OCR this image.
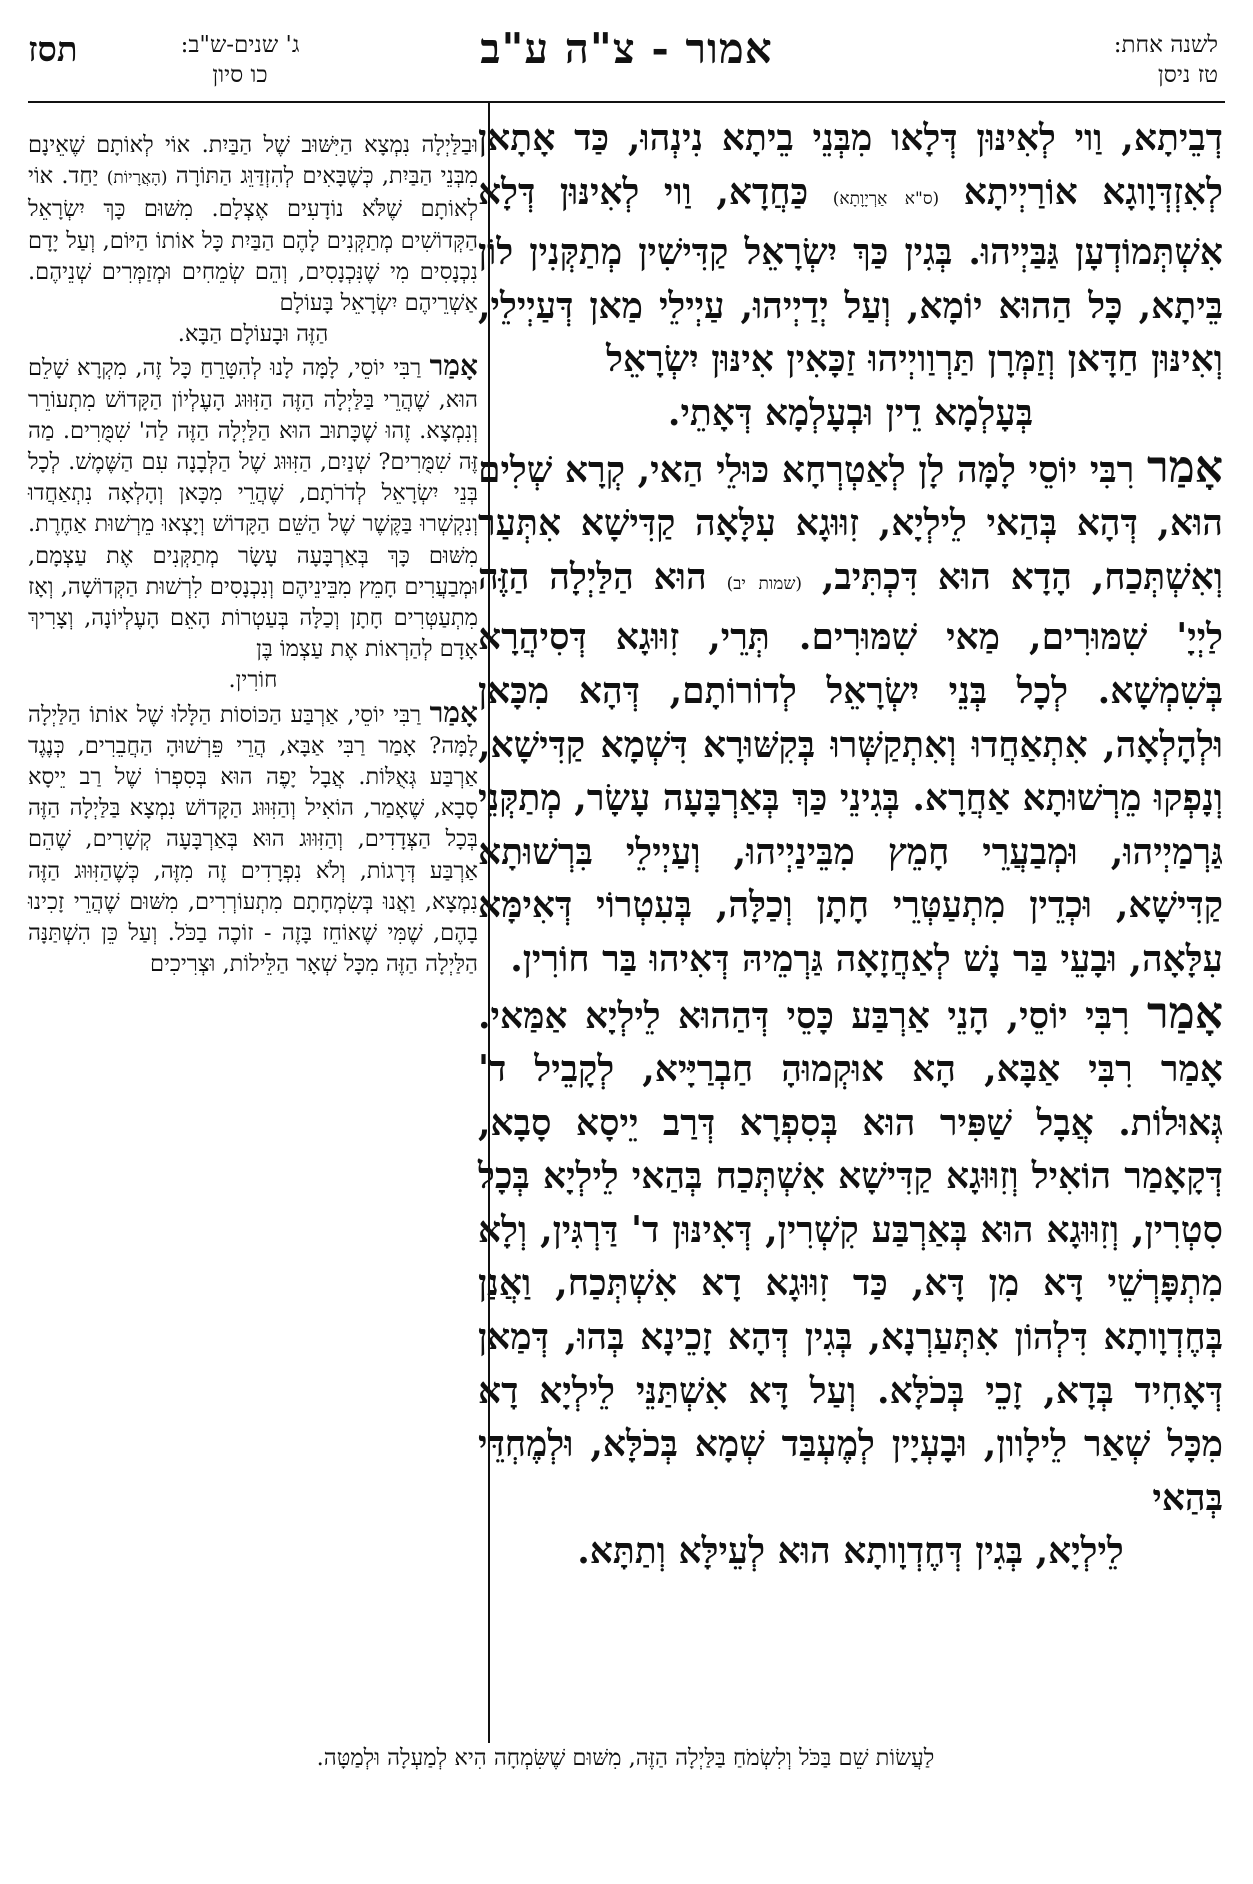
לשנה אחת:
טז ניסן
אמור - צ"ה ע"ב
ג' שנים-ש"ב:
כו סיון
תסז

דְבֵיתָא, וַוי לְאִינּוּן דְּלָאו מִבְּנֵי בֵיתָא נִינְהוּ, כַּד אָתָאן לְאִזְדְּוָוגָא אוֹרַיְיתָא (ס"א אַרְיָוָתָא) כַּחֲדָא, וַוי לְאִינּוּן דְּלָא אִשְׁתְּמוֹדְעָן גַּבַּיְיהוּ. בְּגִין כַּךְ יִשְׂרָאֵל קַדִּישִׁין מְתַקְּנִין לוֹן בֵּיתָא, כָּל הַהוּא יוֹמָא, וְעַל יְדַיְיהוּ, עַיְילֵי מַאן דְּעַיְילֵי, וְאִינּוּן חַדָּאן וְזַמְּרָן תַּרְוַויְיהוּ זַכָּאִין אִינּוּן יִשְׂרָאֵל

בְּעָלְמָא דֵין וּבְעָלְמָא דְּאָתֵי.

אָמַר רִבִּי יוֹסֵי לָמָּה לָן לְאַטְרְחָא כּוּלֵי הַאי, קְרָא שְׁלִים הוּא, דְּהָא בְּהַאי לֵילְיָא, זִוּוּגָא עִלָּאָה קַדִּישָׁא אִתְּעַר וְאִשְׁתְּכַח, הָדָא הוּא דִּכְתִּיב, (שמות יב) הוּא הַלַּיְלָה הַזֶּה לַיְיָ' שִׁמּוּרִים, מַאי שִׁמּוּרִים. תְּרֵי, זִוּוּגָא דְּסִיהֲרָא בְּשִׁמְשָׁא. לְכָל בְּנֵי יִשְׂרָאֵל לְדוֹרוֹתָם, דְּהָא מִכָּאן וּלְהָלְאָה, אִתְאַחֲדוּ וְאִתְקַשְּׁרוּ בְּקִשּׁוּרָא דִּשְׁמָא קַדִּישָׁא, וְנָפְקוּ מֵרְשׁוּתָא אַחֲרָא. בְּגִינֵי כַּךְ בְּאַרְבָּעָה עָשָׂר, מְתַקְּנֵי גַּרְמַיְיהוּ, וּמְבַעֲרֵי חָמֵץ מִבֵּינַיְיהוּ, וְעַיְילֵי בִּרְשׁוּתָא קַדִּישָׁא, וּכְדֵין מִתְעַטְּרֵי חָתָן וְכַלָּה, בְּעִטְרוֹי דְּאִימָּא עִלָּאָה, וּבָעֵי בַּר נָשׁ לְאַחֲזָאָה גַּרְמֵיהּ דְּאִיהוּ בַּר חוֹרִין.

אָמַר רִבִּי יוֹסֵי, הָנֵי אַרְבַּע כָּסֵי דְּהַהוּא לֵילְיָא אַמַּאי. אָמַר רִבִּי אַבָּא, הָא אוּקְמוּהָ חַבְרַיָּיא, לְקָבֵיל ד' גְּאוּלוֹת. אֲבָל שַׁפִּיר הוּא בְּסִפְרָא דְּרַב יֵיסָא סָבָא, דְּקָאָמַר הוֹאִיל וְזִוּוּגָא קַדִּישָׁא אִשְׁתְּכַח בְּהַאי לֵילְיָא בְּכָל סִטְרִין, וְזִוּוּגָא הוּא בְּאַרְבַּע קִשְׁרִין, דְּאִינּוּן ד' דַּרְגִּין, וְלָא מִתְפָּרְשֵׁי דָּא מִן דָּא, כַּד זִוּוּגָא דָא אִשְׁתְּכַח, וַאֲנַן בְּחֶדְוָותָא דִּלְהוֹן אִתְּעַרְנָא, בְּגִין דְּהָא זָכֵינָא בְּהוּ, דְּמַאן דְּאָחִיד בְּדָא, זָכֵי בְּכֹלָּא. וְעַל דָּא אִשְׁתַּנֵּי לֵילְיָא דָא מִכָּל שְׁאַר לֵילָוון, וּבָעְיָין לְמֶעְבַּד שְׁמָא בְּכֹלָּא, וּלְמֶחְדֵּי בְּהַאי

לֵילְיָא, בְּגִין דְּחֶדְוָותָא הוּא לְעֵילָּא וְתַתָּא.

וּבַלַּיְלָה נִמְצָא הַיִּשּׁוּב שֶׁל הַבַּיִת. אוֹי לְאוֹתָם שֶׁאֵינָם מִבְּנֵי הַבַּיִת, כְּשֶׁבָּאִים לְהִזְדַּוֵּג הַתּוֹרָה (הָאֲרָיוֹת) יַחַד. אוֹי לְאוֹתָם שֶׁלֹּא נוֹדָעִים אֶצְלָם. מִשּׁוּם כָּךְ יִשְׂרָאֵל הַקְּדוֹשִׁים מְתַקְּנִים לָהֶם הַבַּיִת כָּל אוֹתוֹ הַיּוֹם, וְעַל יָדָם נִכְנָסִים מִי שֶׁנִּכְנָסִים, וְהֵם שְׂמֵחִים וּמְזַמְּרִים שְׁנֵיהֶם. אַשְׁרֵיהֶם יִשְׂרָאֵל בָּעוֹלָם

הַזֶּה וּבָעוֹלָם הַבָּא.

אָמַר רַבִּי יוֹסֵי, לָמָּה לָנוּ לְהִטָּרֵחַ כָּל זֶה, מִקְרָא שָׁלֵם הוּא, שֶׁהֲרֵי בַּלַּיְלָה הַזֶּה הַזִּוּוּג הָעֶלְיוֹן הַקָּדוֹשׁ מִתְעוֹרֵר וְנִמְצָא. זֶהוּ שֶׁכָּתוּב הוּא הַלַּיְלָה הַזֶּה לַה' שִׁמֻּרִים. מַה זֶּה שִׁמֻּרִים? שְׁנַיִם, הַזִּוּוּג שֶׁל הַלְּבָנָה עִם הַשֶּׁמֶשׁ. לְכָל בְּנֵי יִשְׂרָאֵל לְדֹרֹתָם, שֶׁהֲרֵי מִכָּאן וְהָלְאָה נִתְאַחֲדוּ וְנִקְשְׁרוּ בַּקֶּשֶׁר שֶׁל הַשֵּׁם הַקָּדוֹשׁ וְיָצְאוּ מֵרְשׁוּת אַחֶרֶת. מִשּׁוּם כָּךְ בְּאַרְבָּעָה עָשָׂר מְתַקְּנִים אֶת עַצְמָם, וּמְבַעֲרִים חָמֵץ מִבֵּינֵיהֶם וְנִכְנָסִים לִרְשׁוּת הַקְּדוֹשָׁה, וְאָז מִתְעַטְּרִים חָתָן וְכַלָּה בְּעַטְרוֹת הָאֵם הָעֶלְיוֹנָה, וְצָרִיךְ אָדָם לְהַרְאוֹת אֶת עַצְמוֹ בֶּן

חוֹרִין.

אָמַר רַבִּי יוֹסֵי, אַרְבַּע הַכּוֹסוֹת הַלָּלוּ שֶׁל אוֹתוֹ הַלַּיְלָה לָמָּה? אָמַר רַבִּי אַבָּא, הֲרֵי פֵּרְשׁוּהָ הַחֲבֵרִים, כְּנֶגֶד אַרְבַּע גְּאֻלּוֹת. אֲבָל יָפֶה הוּא בְּסִפְרוֹ שֶׁל רַב יֵיסָא סָבָא, שֶׁאָמַר, הוֹאִיל וְהַזִּוּוּג הַקָּדוֹשׁ נִמְצָא בַּלַּיְלָה הַזֶּה בְּכָל הַצְּדָדִים, וְהַזִּוּוּג הוּא בְּאַרְבָּעָה קְשָׁרִים, שֶׁהֵם אַרְבַּע דְּרָגוֹת, וְלֹא נִפְרָדִים זֶה מִזֶּה, כְּשֶׁהַזִּוּוּג הַזֶּה נִמְצָא, וַאֲנוּ בְּשִׂמְחָתָם מִתְעוֹרְרִים, מִשּׁוּם שֶׁהֲרֵי זָכִינוּ בָהֶם, שֶׁמִּי שֶׁאוֹחֵז בָּזֶה - זוֹכֶה בַכֹּל. וְעַל כֵּן הִשְׁתַּנָּה הַלַּיְלָה הַזֶּה מִכָּל שְׁאָר הַלֵּילוֹת, וּצְרִיכִים

לַעֲשׂוֹת שֵׁם בַּכֹּל וְלִשְׂמֹחַ בַּלַּיְלָה הַזֶּה, מִשּׁוּם שֶׁשִּׂמְחָה הִיא לְמַעְלָה וּלְמַטָּה.
